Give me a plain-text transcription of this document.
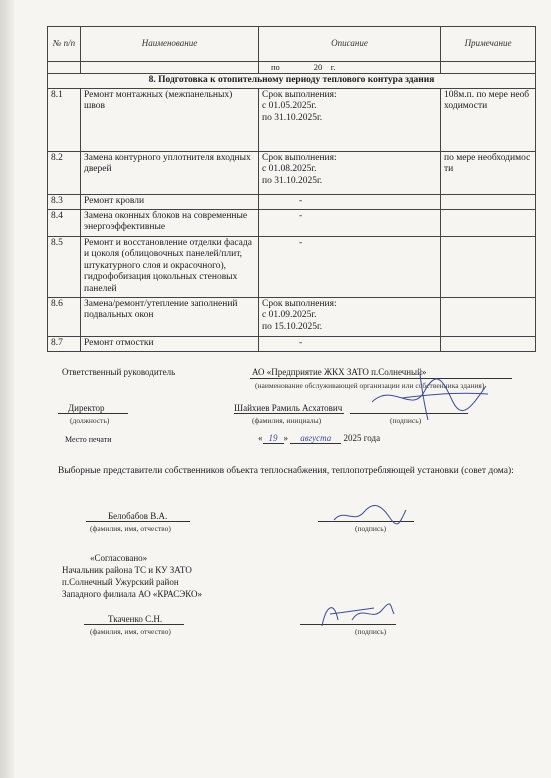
№ п/п	Наименование	Описание	Примечание
		по                20    г.	
8. Подготовка к отопительному периоду теплового контура здания			
8.1	Ремонт монтажных (межпанельных) швов	Срок выполнения:
с 01.05.2025г.
по 31.10.2025г.	108м.п. по мере необходимости
8.2	Замена контурного уплотнителя входных дверей	Срок выполнения:
с 01.08.2025г.
по 31.10.2025г.	по мере необходимости
8.3	Ремонт кровли	-	
8.4	Замена оконных блоков на современные энергоэффективные	-	
8.5	Ремонт и восстановление отделки фасада и цоколя (облицовочных панелей/плит, штукатурного слоя и окрасочного), гидрофобизация цокольных стеновых панелей	-	
8.6	Замена/ремонт/утепление заполнений подвальных окон	Срок выполнения:
с 01.09.2025г.
по 15.10.2025г.	
8.7	Ремонт отмостки	-	
Ответственный руководитель	АО «Предприятие ЖКХ ЗАТО п.Солнечный»
(наименование обслуживающей организации или собственника здания)
Директор
(должность)
Шайхиев Рамиль Асхатович
(фамилия, инициалы)	(подпись)
Место печати	« 19 » августа 2025 года
Выборные представители собственников объекта теплоснабжения, теплопотребляющей установки (совет дома):
Белобабов В.А.
(фамилия, имя, отчество)	(подпись)
«Согласовано»
Начальник района ТС и КУ ЗАТО
п.Солнечный Ужурский район
Западного филиала АО «КРАСЭКО»
Ткаченко С.Н.
(фамилия, имя, отчество)	(подпись)
